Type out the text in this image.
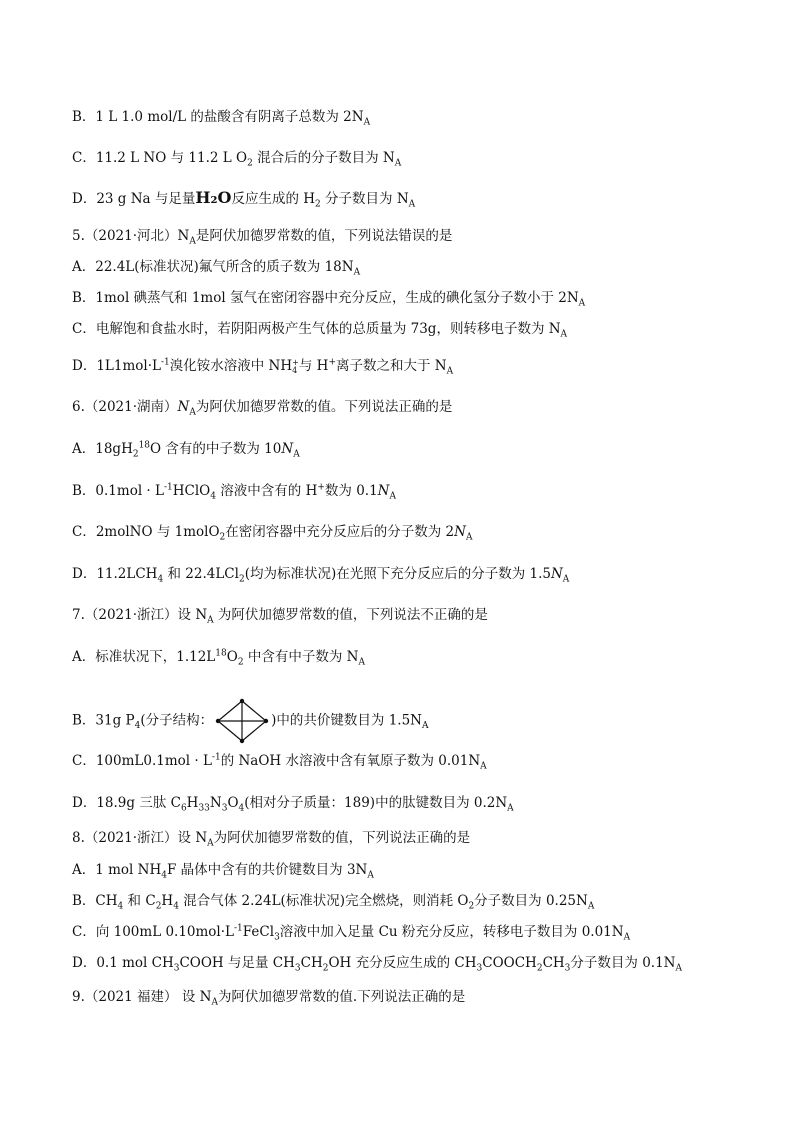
B．1 L 1.0 mol/L 的盐酸含有阴离子总数为 $2N_A$
C．11.2 L NO 与 11.2 L $O_2$ 混合后的分子数目为 $N_A$
D．23 g Na 与足量H₂O反应生成的 $H_2$ 分子数目为 $N_A$
5.（2021·河北）$N_A$是阿伏加德罗常数的值，下列说法错误的是
A．22.4L(标准状况)氟气所含的质子数为 $18N_A$
B．1mol 碘蒸气和 1mol 氢气在密闭容器中充分反应，生成的碘化氢分子数小于 $2N_A$
C．电解饱和食盐水时，若阴阳两极产生气体的总质量为 73g，则转移电子数为 $N_A$
D．$1L1mol\cdot L^{-1}$溴化铵水溶液中 NH+
4 与 H+离子数之和大于 $N_A$
6.（2021·湖南）$N_A$为阿伏加德罗常数的值。下列说法正确的是
A．$18gH_2^{18}O$ 含有的中子数为 $10N_A$
B．$0.1mol \cdot L^{-1}HClO_4$ 溶液中含有的 H+数为 $0.1N_A$
C．2molNO 与 1molO$_2$在密闭容器中充分反应后的分子数为 $2N_A$
D．$11.2LCH_4$ 和 22.4LCl$_2$(均为标准状况)在光照下充分反应后的分子数为 $1.5N_A$
7.（2021·浙江）设 $N_A$ 为阿伏加德罗常数的值，下列说法不正确的是
A．标准状况下，$1.12L^{18}O_2$ 中含有中子数为 $N_A$
B．31g $P_4$(分子结构：	)中的共价键数目为 $1.5N_A$
C．$100mL0.1mol \cdot L^{-1}$的 NaOH 水溶液中含有氧原子数为 $0.01N_A$
D．18.9g 三肽 $C_6H_{33}N_3O_4$(相对分子质量：189)中的肽键数目为 $0.2N_A$
8.（2021·浙江）设 $N_A$为阿伏加德罗常数的值，下列说法正确的是
A．1 mol $NH_4F$ 晶体中含有的共价键数目为 $3N_A$
B．$CH_4$ 和 $C_2H_4$ 混合气体 2.24L(标准状况)完全燃烧，则消耗 $O_2$分子数目为 $0.25N_A$
C．向 100mL $0.10mol\cdot L^{-1}FeCl_3$溶液中加入足量 Cu 粉充分反应，转移电子数目为 $0.01N_A$
D．0.1 mol $CH_3COOH$ 与足量 $CH_3CH_2OH$ 充分反应生成的 $CH_3COOCH_2CH_3$分子数目为 $0.1N_A$
9.（2021 福建） 设 $N_A$为阿伏加德罗常数的值.下列说法正确的是
